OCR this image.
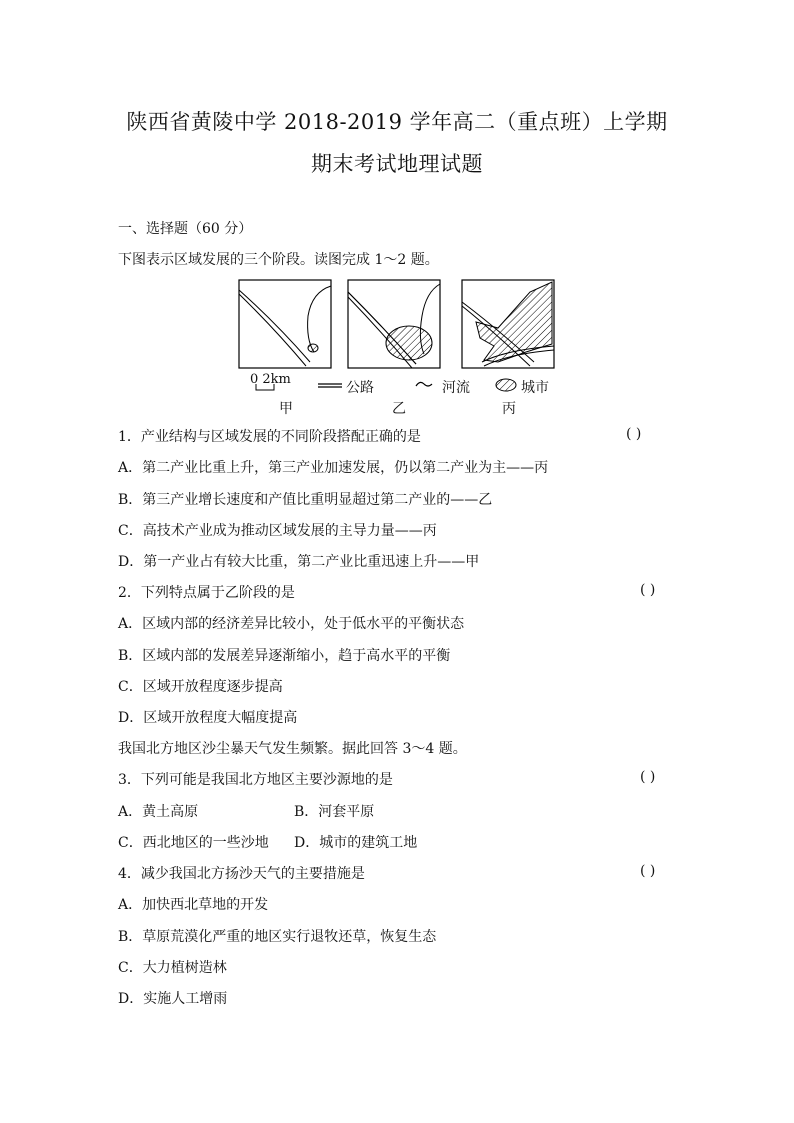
陕西省黄陵中学 2018-2019 学年高二（重点班）上学期
期末考试地理试题
一、选择题（60 分）
下图表示区域发展的三个阶段。读图完成 1～2 题。
0 2km
公路	河流	城市
甲	乙	丙
1．产业结构与区域发展的不同阶段搭配正确的是	( )
A．第二产业比重上升，第三产业加速发展，仍以第二产业为主——丙
B．第三产业增长速度和产值比重明显超过第二产业的——乙
C．高技术产业成为推动区域发展的主导力量——丙
D．第一产业占有较大比重，第二产业比重迅速上升——甲
2．下列特点属于乙阶段的是	( )
A．区域内部的经济差异比较小，处于低水平的平衡状态
B．区域内部的发展差异逐渐缩小，趋于高水平的平衡
C．区域开放程度逐步提高
D．区域开放程度大幅度提高
我国北方地区沙尘暴天气发生频繁。据此回答 3～4 题。
3．下列可能是我国北方地区主要沙源地的是	( )
A．黄土高原	B．河套平原
C．西北地区的一些沙地 D．城市的建筑工地
4．减少我国北方扬沙天气的主要措施是	( )
A．加快西北草地的开发
B．草原荒漠化严重的地区实行退牧还草，恢复生态
C．大力植树造林
D．实施人工增雨
